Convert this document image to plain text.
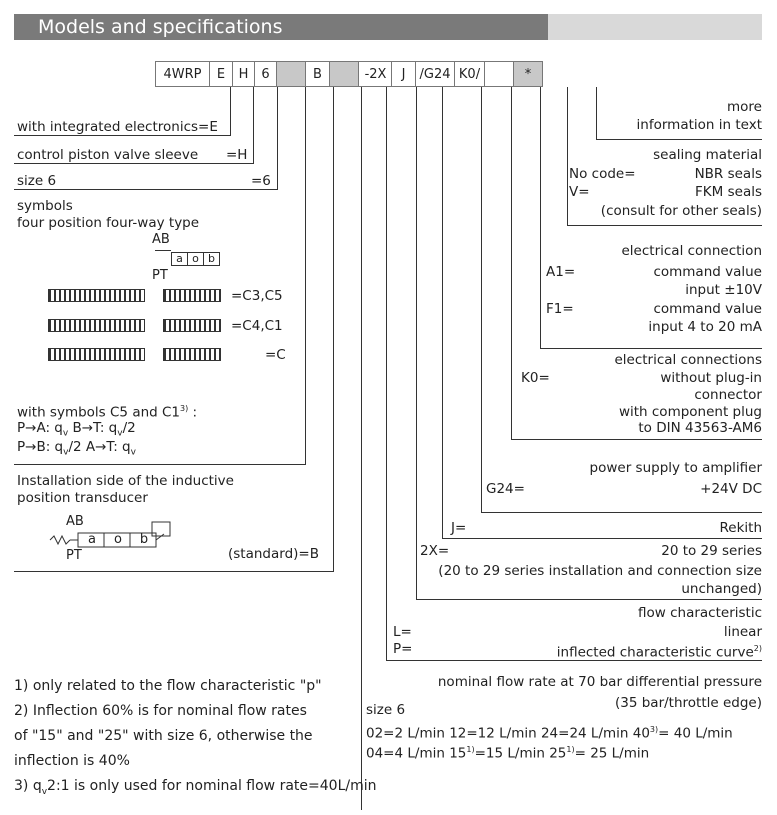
Models and specifications
4WRP	E	H 6	B	-2X	J	/G24 K0/	*
with integrated electronics=E
control piston valve sleeve =H
size 6	=6
symbols
four position four-way type
AB
PT
a o b
=C3,C5
=C4,C1
=C
with symbols C5 and C1$^{3)}$ :
P→A: $q_v$ B→T: $q_v/2$
P→B: $q_v/2$ A→T: $q_v$
Installation side of the inductive
position transducer
AB
PT
a	o	b
(standard)=B
more
information in text
sealing material
No code=	NBR seals
V=	FKM seals
(consult for other seals)
electrical connection
A1=	command value
input ±10V
F1=	command value
input 4 to 20 mA
electrical connections
K0=	without plug-in
connector
with component plug
to DIN 43563-AM6
power supply to amplifier
G24=	+24V DC
J=	Rekith
2X=	20 to 29 series
(20 to 29 series installation and connection size
unchanged)
flow characteristic
L=	linear
P=	inflected characteristic curve$^{2)}$
nominal flow rate at 70 bar differential pressure
(35 bar/throttle edge)
size 6
02=2 L/min 12=12 L/min 24=24 L/min $40^{3)}= 40$ L/min
04=4 L/min $15^{1)}=15$ L/min $25^{1)}= 25$ L/min
1) only related to the flow characteristic "p"
2) Inflection 60% is for nominal flow rates
of "15" and "25" with size 6, otherwise the
inflection is 40%
3) $q_v2:1$ is only used for nominal flow rate=40L/min
